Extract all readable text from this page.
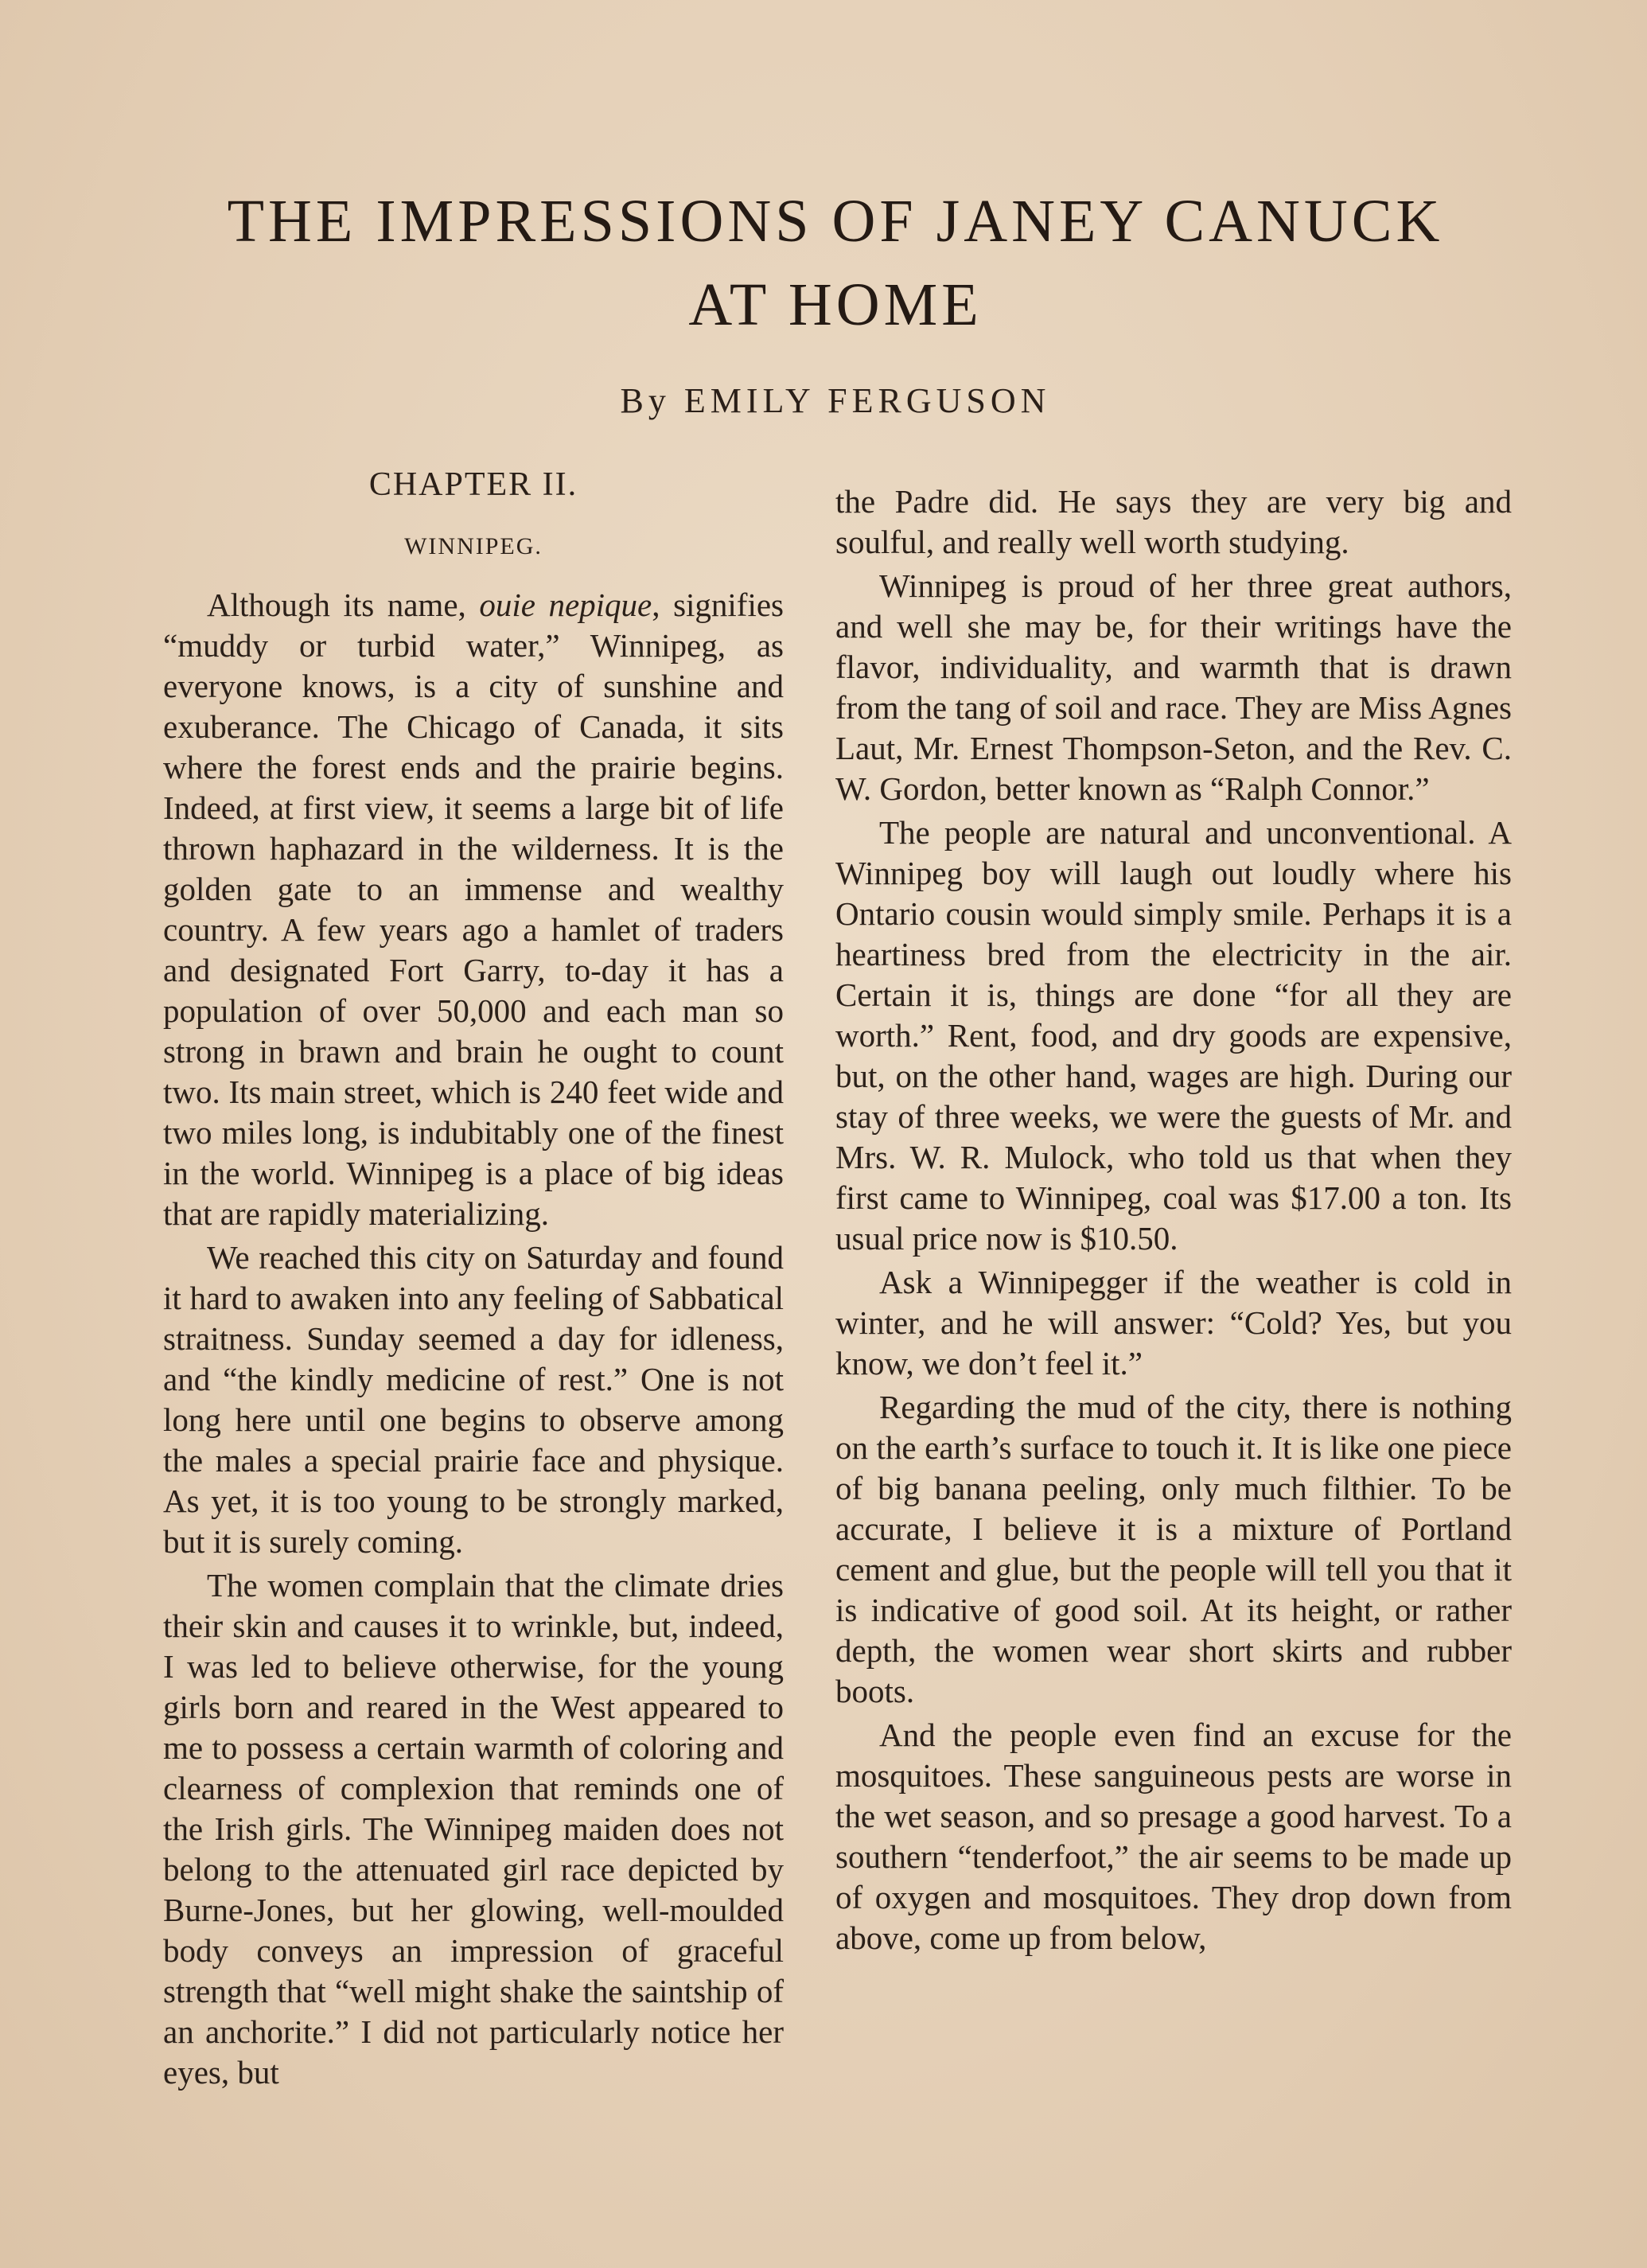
THE IMPRESSIONS OF JANEY CANUCK
AT HOME
By EMILY FERGUSON
CHAPTER II.
WINNIPEG.

Although its name, ouie nepique, signifies “muddy or turbid water,” Winnipeg, as everyone knows, is a city of sunshine and exuberance. The Chicago of Canada, it sits where the forest ends and the prairie begins. Indeed, at first view, it seems a large bit of life thrown haphazard in the wilderness. It is the golden gate to an immense and wealthy country. A few years ago a hamlet of traders and designated Fort Garry, to-day it has a population of over 50,000 and each man so strong in brawn and brain he ought to count two. Its main street, which is 240 feet wide and two miles long, is indubitably one of the finest in the world. Winnipeg is a place of big ideas that are rapidly materializing.

We reached this city on Saturday and found it hard to awaken into any feeling of Sabbatical straitness. Sunday seemed a day for idleness, and “the kindly medicine of rest.” One is not long here until one begins to observe among the males a special prairie face and physique. As yet, it is too young to be strongly marked, but it is surely coming.

The women complain that the climate dries their skin and causes it to wrinkle, but, indeed, I was led to believe otherwise, for the young girls born and reared in the West appeared to me to possess a certain warmth of coloring and clearness of complexion that reminds one of the Irish girls. The Winnipeg maiden does not belong to the attenuated girl race depicted by Burne-Jones, but her glowing, well-moulded body conveys an impression of graceful strength that “well might shake the saintship of an anchorite.” I did not particularly notice her eyes, but

the Padre did. He says they are very big and soulful, and really well worth studying.

Winnipeg is proud of her three great authors, and well she may be, for their writings have the flavor, individuality, and warmth that is drawn from the tang of soil and race. They are Miss Agnes Laut, Mr. Ernest Thompson-Seton, and the Rev. C. W. Gordon, better known as “Ralph Connor.”

The people are natural and unconventional. A Winnipeg boy will laugh out loudly where his Ontario cousin would simply smile. Perhaps it is a heartiness bred from the electricity in the air. Certain it is, things are done “for all they are worth.” Rent, food, and dry goods are expensive, but, on the other hand, wages are high. During our stay of three weeks, we were the guests of Mr. and Mrs. W. R. Mulock, who told us that when they first came to Winnipeg, coal was $17.00 a ton. Its usual price now is $10.50.

Ask a Winnipegger if the weather is cold in winter, and he will answer: “Cold? Yes, but you know, we don’t feel it.”

Regarding the mud of the city, there is nothing on the earth’s surface to touch it. It is like one piece of big banana peeling, only much filthier. To be accurate, I believe it is a mixture of Portland cement and glue, but the people will tell you that it is indicative of good soil. At its height, or rather depth, the women wear short skirts and rubber boots.

And the people even find an excuse for the mosquitoes. These sanguineous pests are worse in the wet season, and so presage a good harvest. To a southern “tenderfoot,” the air seems to be made up of oxygen and mosquitoes. They drop down from above, come up from below,
